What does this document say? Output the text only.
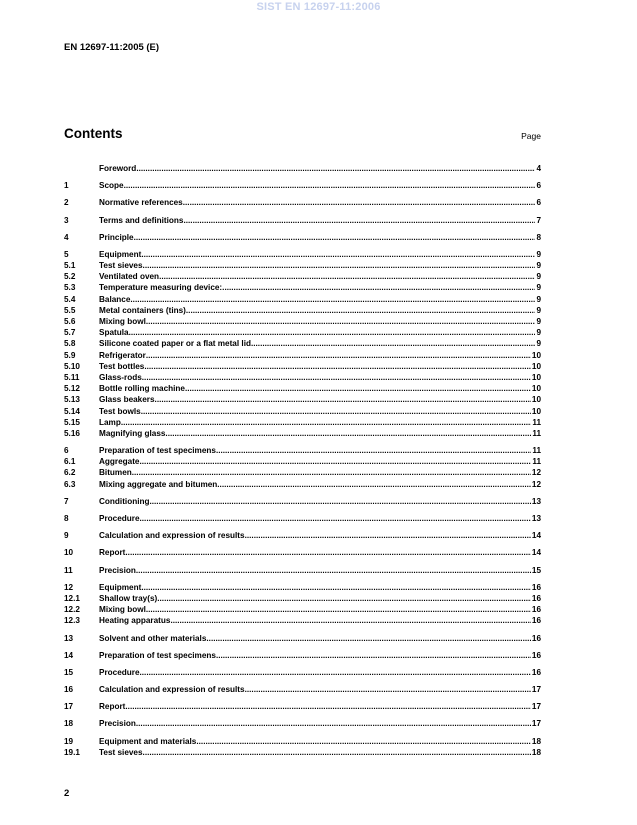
SIST EN 12697-11:2006
EN 12697-11:2005 (E)
Contents	Page
Foreword .....	4
1	Scope .....	6
2	Normative references .....	6
3	Terms and definitions .....	7
4	Principle .....	8
5	Equipment .....	9
5.1	Test sieves .....	9
5.2	Ventilated oven .....	9
5.3	Temperature measuring device: .....	9
5.4	Balance .....	9
5.5	Metal containers (tins) .....	9
5.6	Mixing bowl .....	9
5.7	Spatula .....	9
5.8	Silicone coated paper or a flat metal lid .....	9
5.9	Refrigerator .....	10
5.10	Test bottles .....	10
5.11	Glass-rods .....	10
5.12	Bottle rolling machine .....	10
5.13	Glass beakers .....	10
5.14	Test bowls .....	10
5.15	Lamp .....	11
5.16	Magnifying glass .....	11
6	Preparation of test specimens .....	11
6.1	Aggregate .....	11
6.2	Bitumen .....	12
6.3	Mixing aggregate and bitumen .....	12
7	Conditioning .....	13
8	Procedure .....	13
9	Calculation and expression of results .....	14
10	Report .....	14
11	Precision .....	15
12	Equipment .....	16
12.1	Shallow tray(s) .....	16
12.2	Mixing bowl .....	16
12.3	Heating apparatus .....	16
13	Solvent and other materials .....	16
14	Preparation of test specimens .....	16
15	Procedure .....	16
16	Calculation and expression of results .....	17
17	Report .....	17
18	Precision .....	17
19	Equipment and materials .....	18
19.1	Test sieves .....	18
2
